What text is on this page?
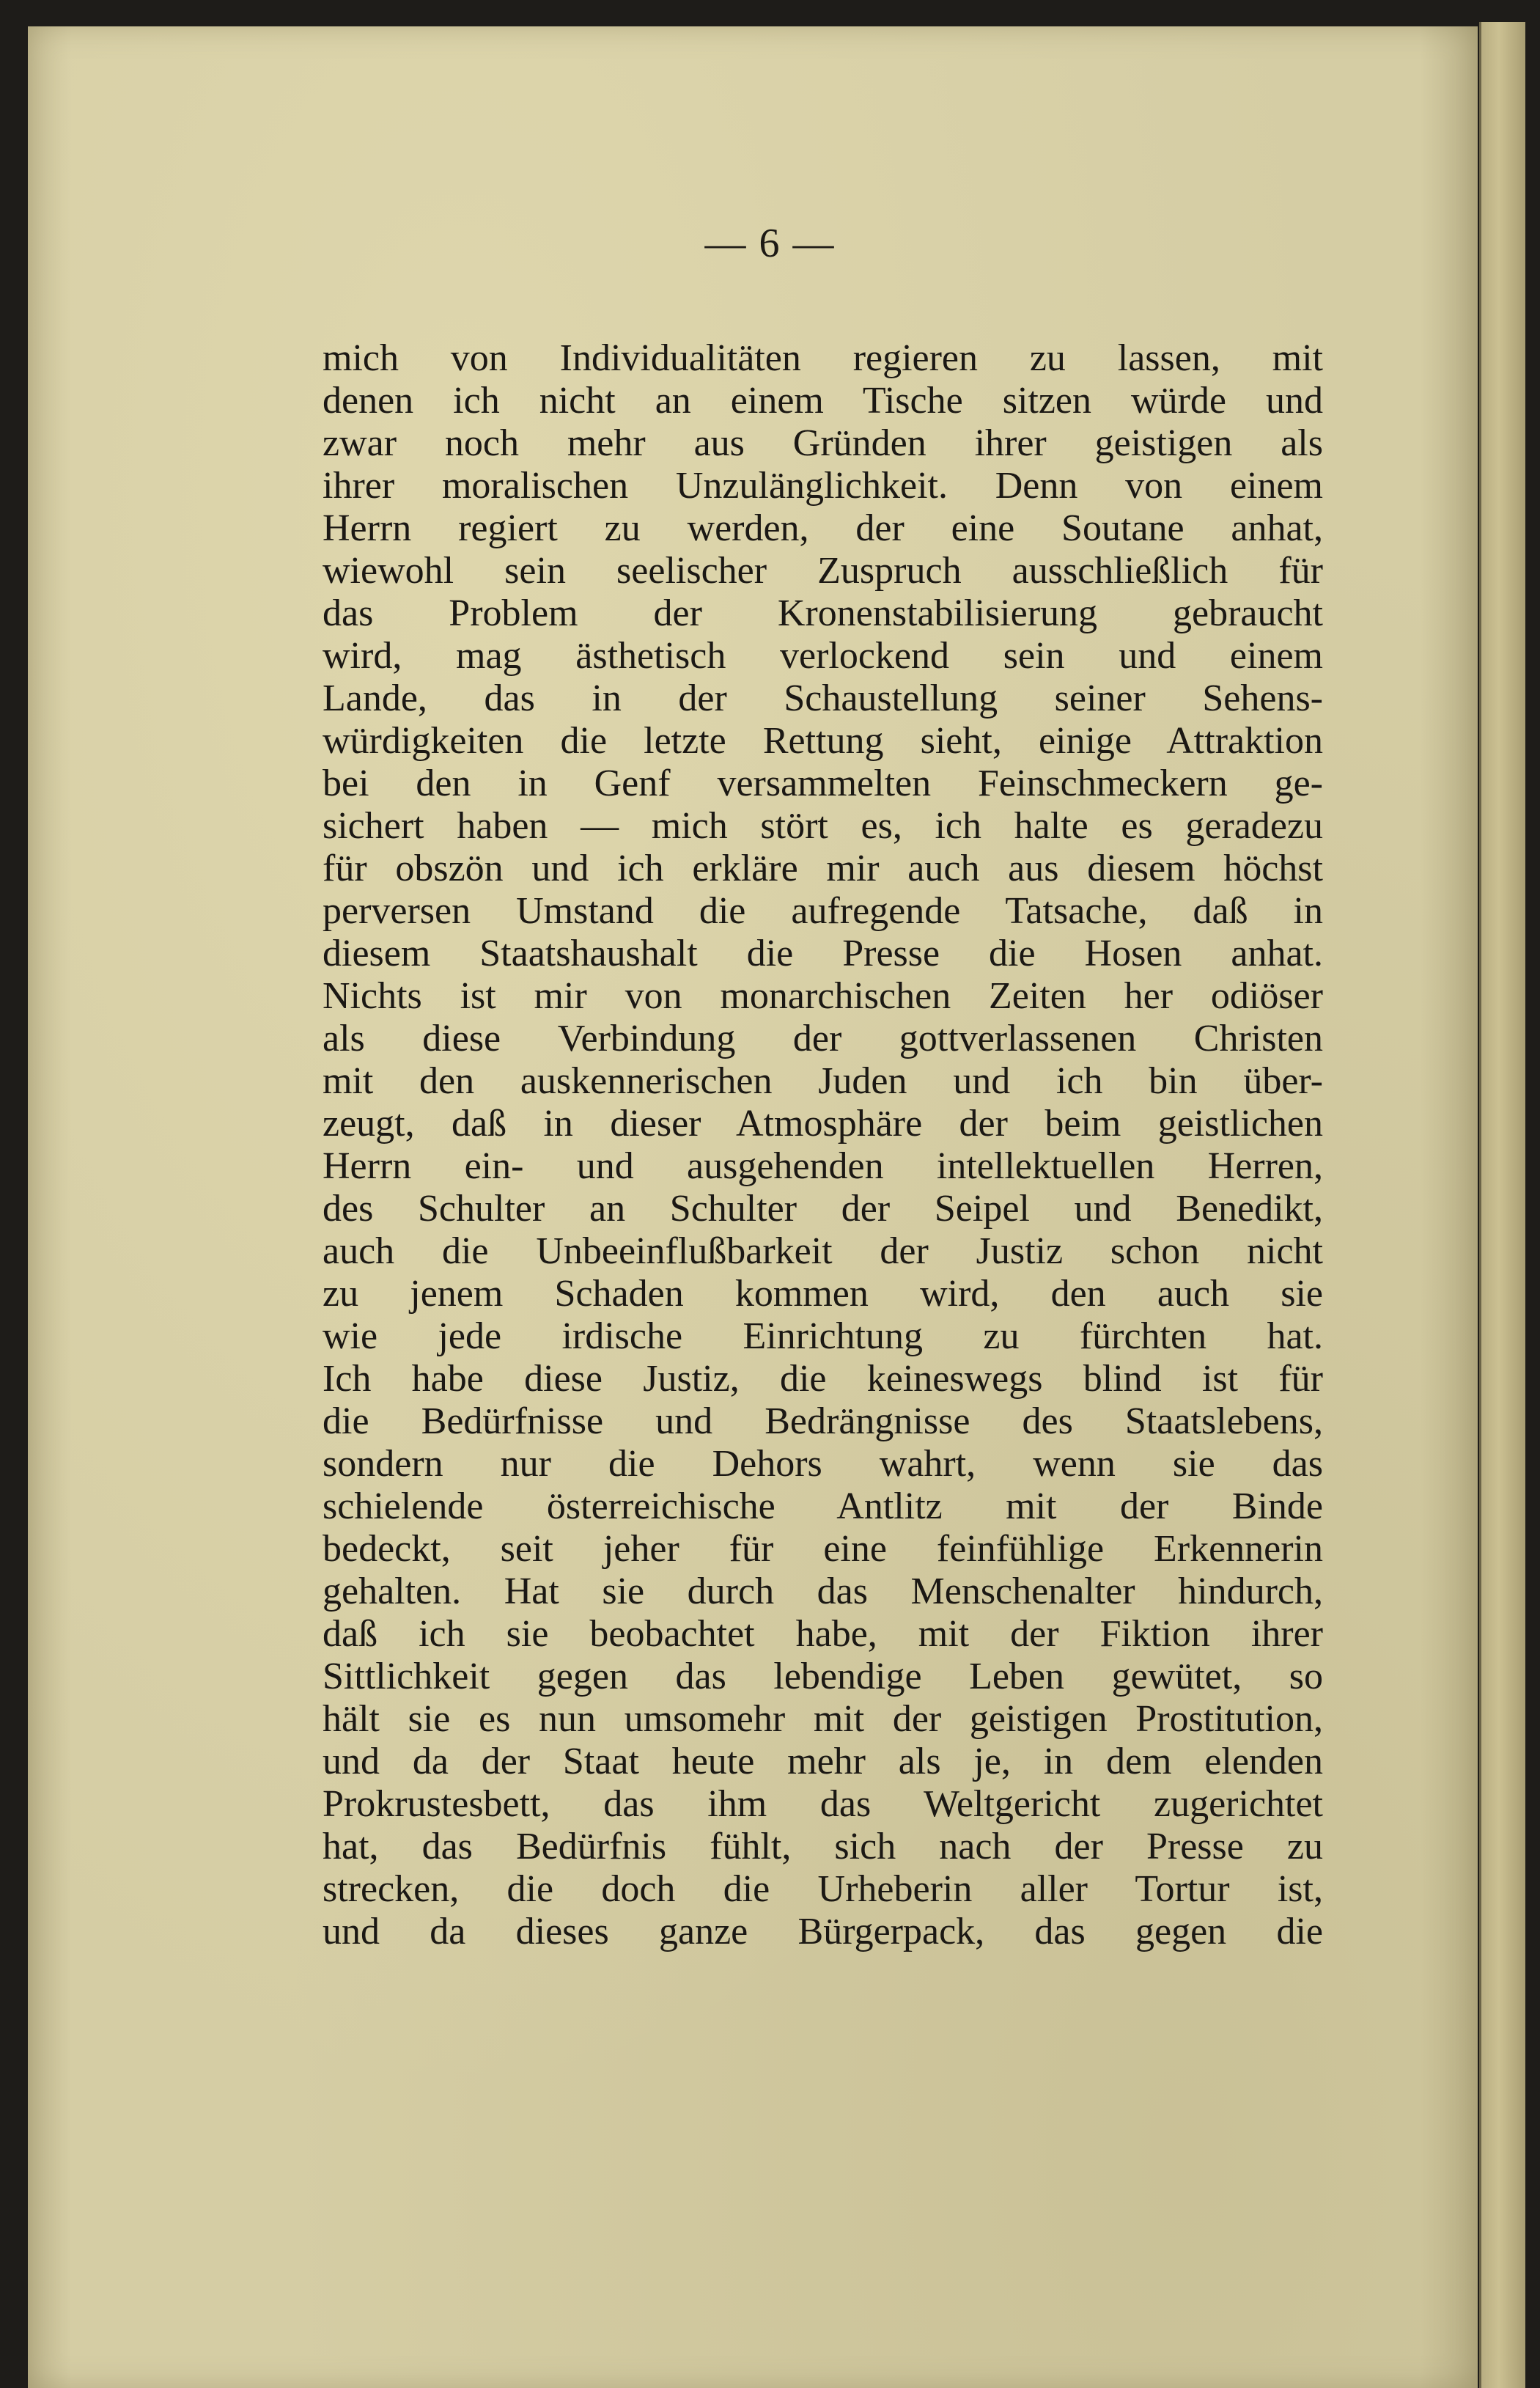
— 6 —
mich von Individualitäten regieren zu lassen, mit
denen ich nicht an einem Tische sitzen würde und
zwar noch mehr aus Gründen ihrer geistigen als
ihrer moralischen Unzulänglichkeit. Denn von einem
Herrn regiert zu werden, der eine Soutane anhat,
wiewohl sein seelischer Zuspruch ausschließlich für
das Problem der Kronenstabilisierung gebraucht
wird, mag ästhetisch verlockend sein und einem
Lande, das in der Schaustellung seiner Sehens-
würdigkeiten die letzte Rettung sieht, einige Attraktion
bei den in Genf versammelten Feinschmeckern ge-
sichert haben — mich stört es, ich halte es geradezu
für obszön und ich erkläre mir auch aus diesem höchst
perversen Umstand die aufregende Tatsache, daß in
diesem Staatshaushalt die Presse die Hosen anhat.
Nichts ist mir von monarchischen Zeiten her odiöser
als diese Verbindung der gottverlassenen Christen
mit den auskennerischen Juden und ich bin über-
zeugt, daß in dieser Atmosphäre der beim geistlichen
Herrn ein- und ausgehenden intellektuellen Herren,
des Schulter an Schulter der Seipel und Benedikt,
auch die Unbeeinflußbarkeit der Justiz schon nicht
zu jenem Schaden kommen wird, den auch sie
wie jede irdische Einrichtung zu fürchten hat.
Ich habe diese Justiz, die keineswegs blind ist für
die Bedürfnisse und Bedrängnisse des Staatslebens,
sondern nur die Dehors wahrt, wenn sie das
schielende österreichische Antlitz mit der Binde
bedeckt, seit jeher für eine feinfühlige Erkennerin
gehalten. Hat sie durch das Menschenalter hindurch,
daß ich sie beobachtet habe, mit der Fiktion ihrer
Sittlichkeit gegen das lebendige Leben gewütet, so
hält sie es nun umsomehr mit der geistigen Prostitution,
und da der Staat heute mehr als je, in dem elenden
Prokrustesbett, das ihm das Weltgericht zugerichtet
hat, das Bedürfnis fühlt, sich nach der Presse zu
strecken, die doch die Urheberin aller Tortur ist,
und da dieses ganze Bürgerpack, das gegen die
